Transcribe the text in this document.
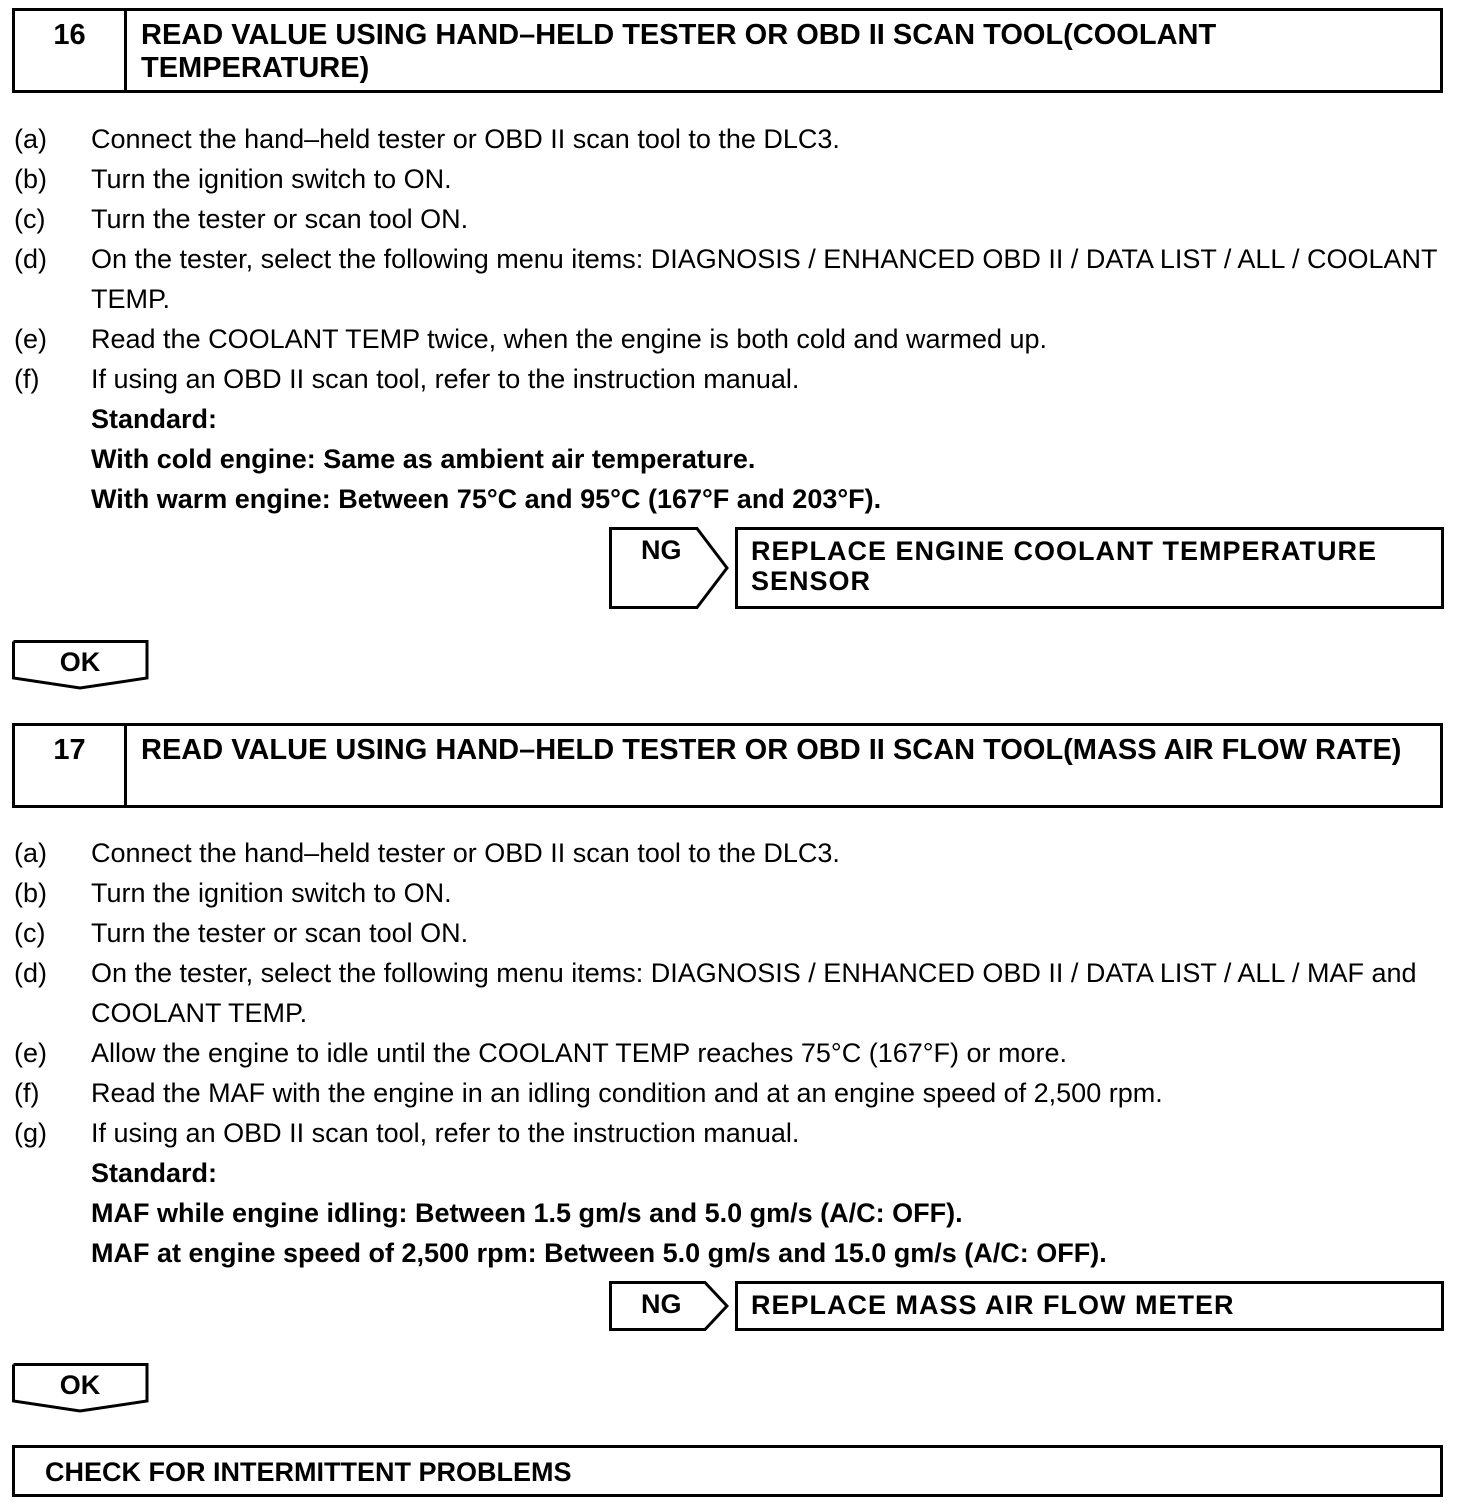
16	READ VALUE USING HAND–HELD TESTER OR OBD II SCAN TOOL(COOLANT TEMPERATURE)
(a)	Connect the hand–held tester or OBD II scan tool to the DLC3.
(b)	Turn the ignition switch to ON.
(c)	Turn the tester or scan tool ON.
(d)	On the tester, select the following menu items: DIAGNOSIS / ENHANCED OBD II / DATA LIST / ALL / COOLANT TEMP.
(e)	Read the COOLANT TEMP twice, when the engine is both cold and warmed up.
(f)	If using an OBD II scan tool, refer to the instruction manual.
Standard:
With cold engine: Same as ambient air temperature.
With warm engine: Between 75°C and 95°C (167°F and 203°F).
NG	REPLACE ENGINE COOLANT TEMPERATURE SENSOR
OK
17	READ VALUE USING HAND–HELD TESTER OR OBD II SCAN TOOL(MASS AIR FLOW RATE)
(a)	Connect the hand–held tester or OBD II scan tool to the DLC3.
(b)	Turn the ignition switch to ON.
(c)	Turn the tester or scan tool ON.
(d)	On the tester, select the following menu items: DIAGNOSIS / ENHANCED OBD II / DATA LIST / ALL / MAF and COOLANT TEMP.
(e)	Allow the engine to idle until the COOLANT TEMP reaches 75°C (167°F) or more.
(f)	Read the MAF with the engine in an idling condition and at an engine speed of 2,500 rpm.
(g)	If using an OBD II scan tool, refer to the instruction manual.
Standard:
MAF while engine idling: Between 1.5 gm/s and 5.0 gm/s (A/C: OFF).
MAF at engine speed of 2,500 rpm: Between 5.0 gm/s and 15.0 gm/s (A/C: OFF).
NG	REPLACE MASS AIR FLOW METER
OK
CHECK FOR INTERMITTENT PROBLEMS
